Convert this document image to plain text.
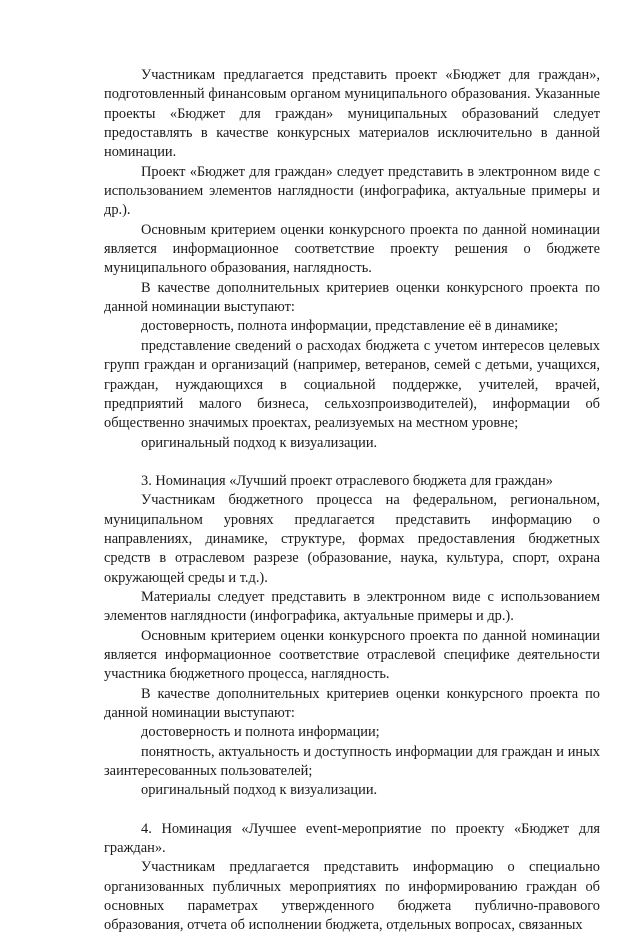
Участникам предлагается представить проект «Бюджет для граждан», подготовленный финансовым органом муниципального образования. Указанные проекты «Бюджет для граждан» муниципальных образований следует предоставлять в качестве конкурсных материалов исключительно в данной номинации.

Проект «Бюджет для граждан» следует представить в электронном виде с использованием элементов наглядности (инфографика, актуальные примеры и др.).

Основным критерием оценки конкурсного проекта по данной номинации является информационное соответствие проекту решения о бюджете муниципального образования, наглядность.

В качестве дополнительных критериев оценки конкурсного проекта по данной номинации выступают:

достоверность, полнота информации, представление её в динамике;

представление сведений о расходах бюджета с учетом интересов целевых групп граждан и организаций (например, ветеранов, семей с детьми, учащихся, граждан, нуждающихся в социальной поддержке, учителей, врачей, предприятий малого бизнеса, сельхозпроизводителей), информации об общественно значимых проектах, реализуемых на местном уровне;

оригинальный подход к визуализации.

3. Номинация «Лучший проект отраслевого бюджета для граждан»

Участникам бюджетного процесса на федеральном, региональном, муниципальном уровнях предлагается представить информацию о направлениях, динамике, структуре, формах предоставления бюджетных средств в отраслевом разрезе (образование, наука, культура, спорт, охрана окружающей среды и т.д.).

Материалы следует представить в электронном виде с использованием элементов наглядности (инфографика, актуальные примеры и др.).

Основным критерием оценки конкурсного проекта по данной номинации является информационное соответствие отраслевой специфике деятельности участника бюджетного процесса, наглядность.

В качестве дополнительных критериев оценки конкурсного проекта по данной номинации выступают:

достоверность и полнота информации;

понятность, актуальность и доступность информации для граждан и иных заинтересованных пользователей;

оригинальный подход к визуализации.

4. Номинация «Лучшее event-мероприятие по проекту «Бюджет для граждан».

Участникам предлагается представить информацию о специально организованных публичных мероприятиях по информированию граждан об основных параметрах утвержденного бюджета публично-правового образования, отчета об исполнении бюджета, отдельных вопросах, связанных
